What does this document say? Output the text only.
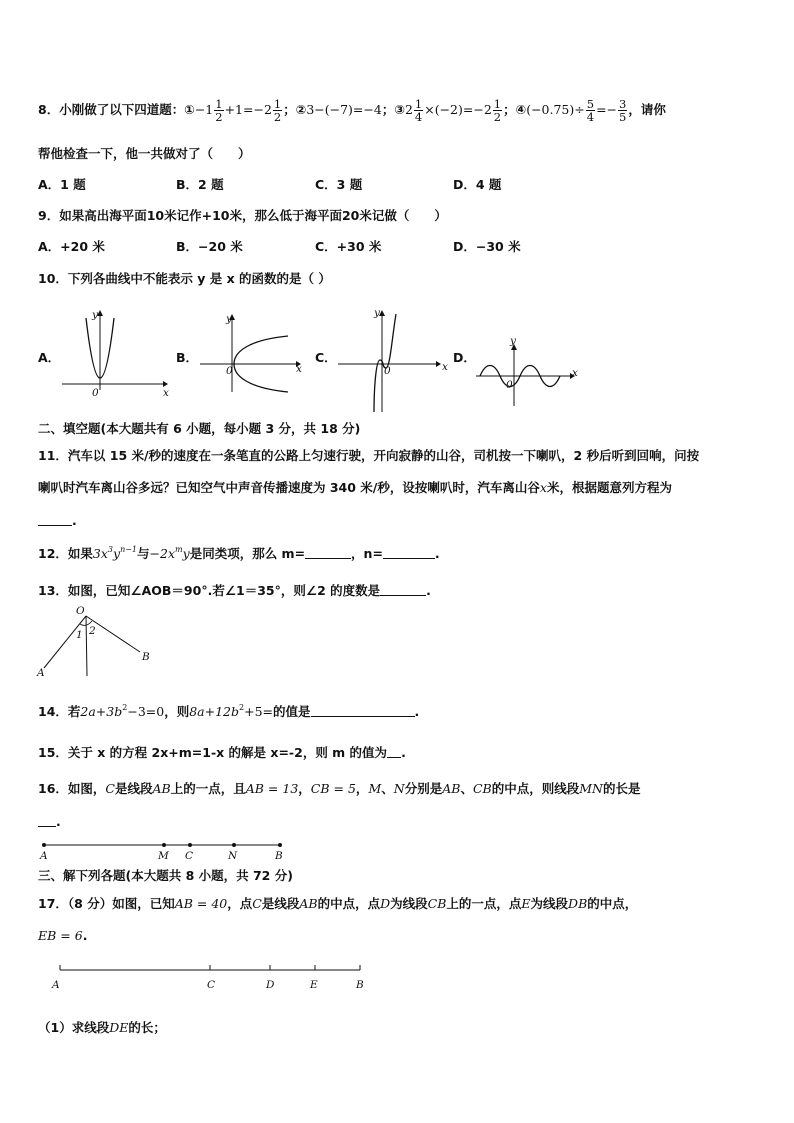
8．小刚做了以下四道题：①−1 $\frac{1}{2} +1=-2 \frac{1}{2}$ ；②3−(−7)=−4；③2 $\frac{1}{4} \times(-2)=-2 \frac{1}{2}$ ；④(−0.75)÷ $\frac{5}{4} =- \frac{3}{5}$ ，请你
帮他检查一下，他一共做对了（　　）
A．1 题	B．2 题	C．3 题	D．4 题
9．如果高出海平面10米记作+10米，那么低于海平面20米记做（　　）
A．+20 米	B．−20 米	C．+30 米	D．−30 米
10．下列各曲线中不能表示 y 是 x 的函数的是（ ）
A．
x
y
0
B．
x
y
0
C．
x
y
0
D．
x
y
0
二、填空题(本大题共有 6 小题，每小题 3 分，共 18 分)
11．汽车以 15 米/秒的速度在一条笔直的公路上匀速行驶，开向寂静的山谷，司机按一下喇叭，2 秒后听到回响，问按
喇叭时汽车离山谷多远？已知空气中声音传播速度为 340 米/秒，设按喇叭时，汽车离山谷x米，根据题意列方程为
.
12．如果$3x^3y^{n-1}$与$-2x^my$是同类项，那么 m=	，n=	.
13．如图，已知∠AOB＝90°.若∠1＝35°，则∠2 的度数是	.
O
A
B
1 2
14．若$2a+3b^2-3=0$，则$8a+12b^2+5=$的值是	.
15．关于 x 的方程 2x+m=1-x 的解是 x=-2，则 m 的值为 .
16．如图，C是线段AB上的一点，且AB = 13，CB = 5，M、N分别是AB、CB的中点，则线段MN的长是
.
A	M C	N	B
三、解下列各题(本大题共 8 小题，共 72 分)
17．（8 分）如图，已知AB = 40，点C是线段AB的中点，点D为线段CB上的一点，点E为线段DB的中点，
EB = 6.
A	C	D	E	B
（1）求线段DE的长；
